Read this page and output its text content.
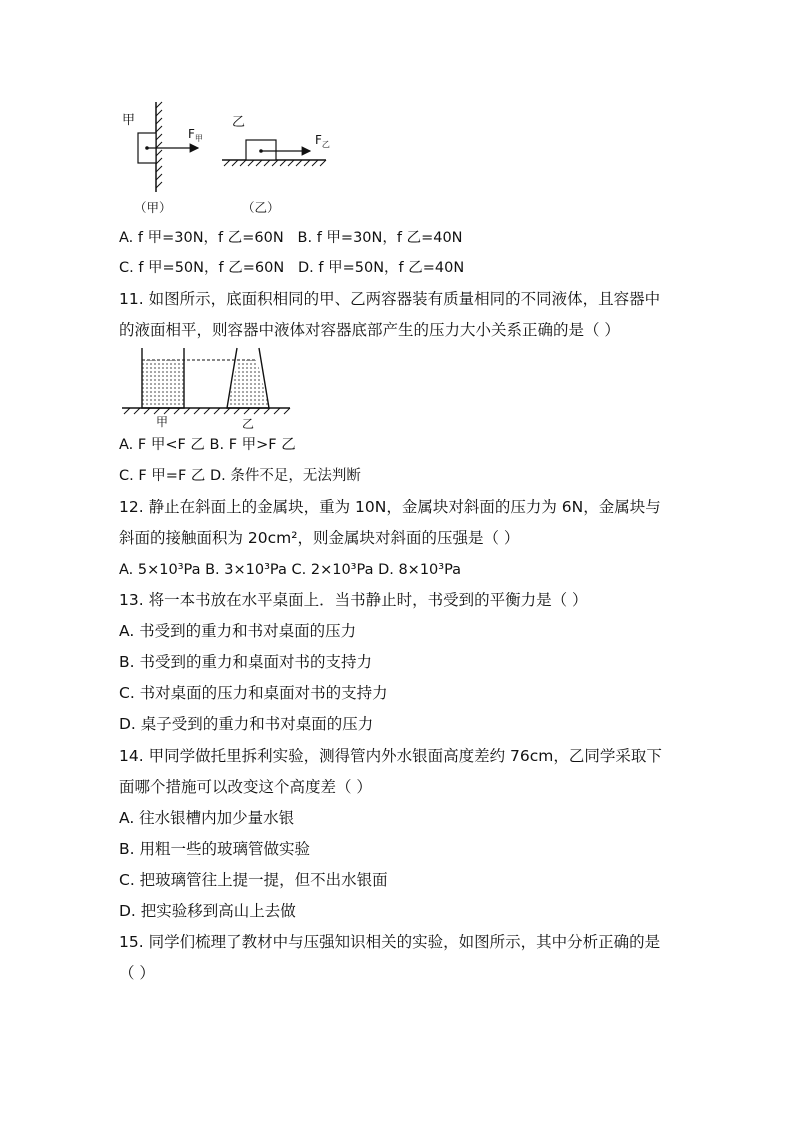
甲
$F_甲$
乙
$F_乙$
（甲）	（乙）
A. f 甲=30N，f 乙=60N B. f 甲=30N，f 乙=40N
C. f 甲=50N，f 乙=60N D. f 甲=50N，f 乙=40N
11. 如图所示，底面积相同的甲、乙两容器装有质量相同的不同液体，且容器中
的液面相平，则容器中液体对容器底部产生的压力大小关系正确的是（ ）
甲	乙
A. F 甲<F 乙 B. F 甲>F 乙
C. F 甲=F 乙 D. 条件不足，无法判断
12. 静止在斜面上的金属块，重为 10N，金属块对斜面的压力为 6N，金属块与
斜面的接触面积为 20cm²，则金属块对斜面的压强是（ ）
A. 5×10³Pa B. 3×10³Pa C. 2×10³Pa D. 8×10³Pa
13. 将一本书放在水平桌面上．当书静止时，书受到的平衡力是（ ）
A. 书受到的重力和书对桌面的压力
B. 书受到的重力和桌面对书的支持力
C. 书对桌面的压力和桌面对书的支持力
D. 桌子受到的重力和书对桌面的压力
14. 甲同学做托里拆利实验，测得管内外水银面高度差约 76cm，乙同学采取下
面哪个措施可以改变这个高度差（ ）
A. 往水银槽内加少量水银
B. 用粗一些的玻璃管做实验
C. 把玻璃管往上提一提，但不出水银面
D. 把实验移到高山上去做
15. 同学们梳理了教材中与压强知识相关的实验，如图所示，其中分析正确的是
（ ）
